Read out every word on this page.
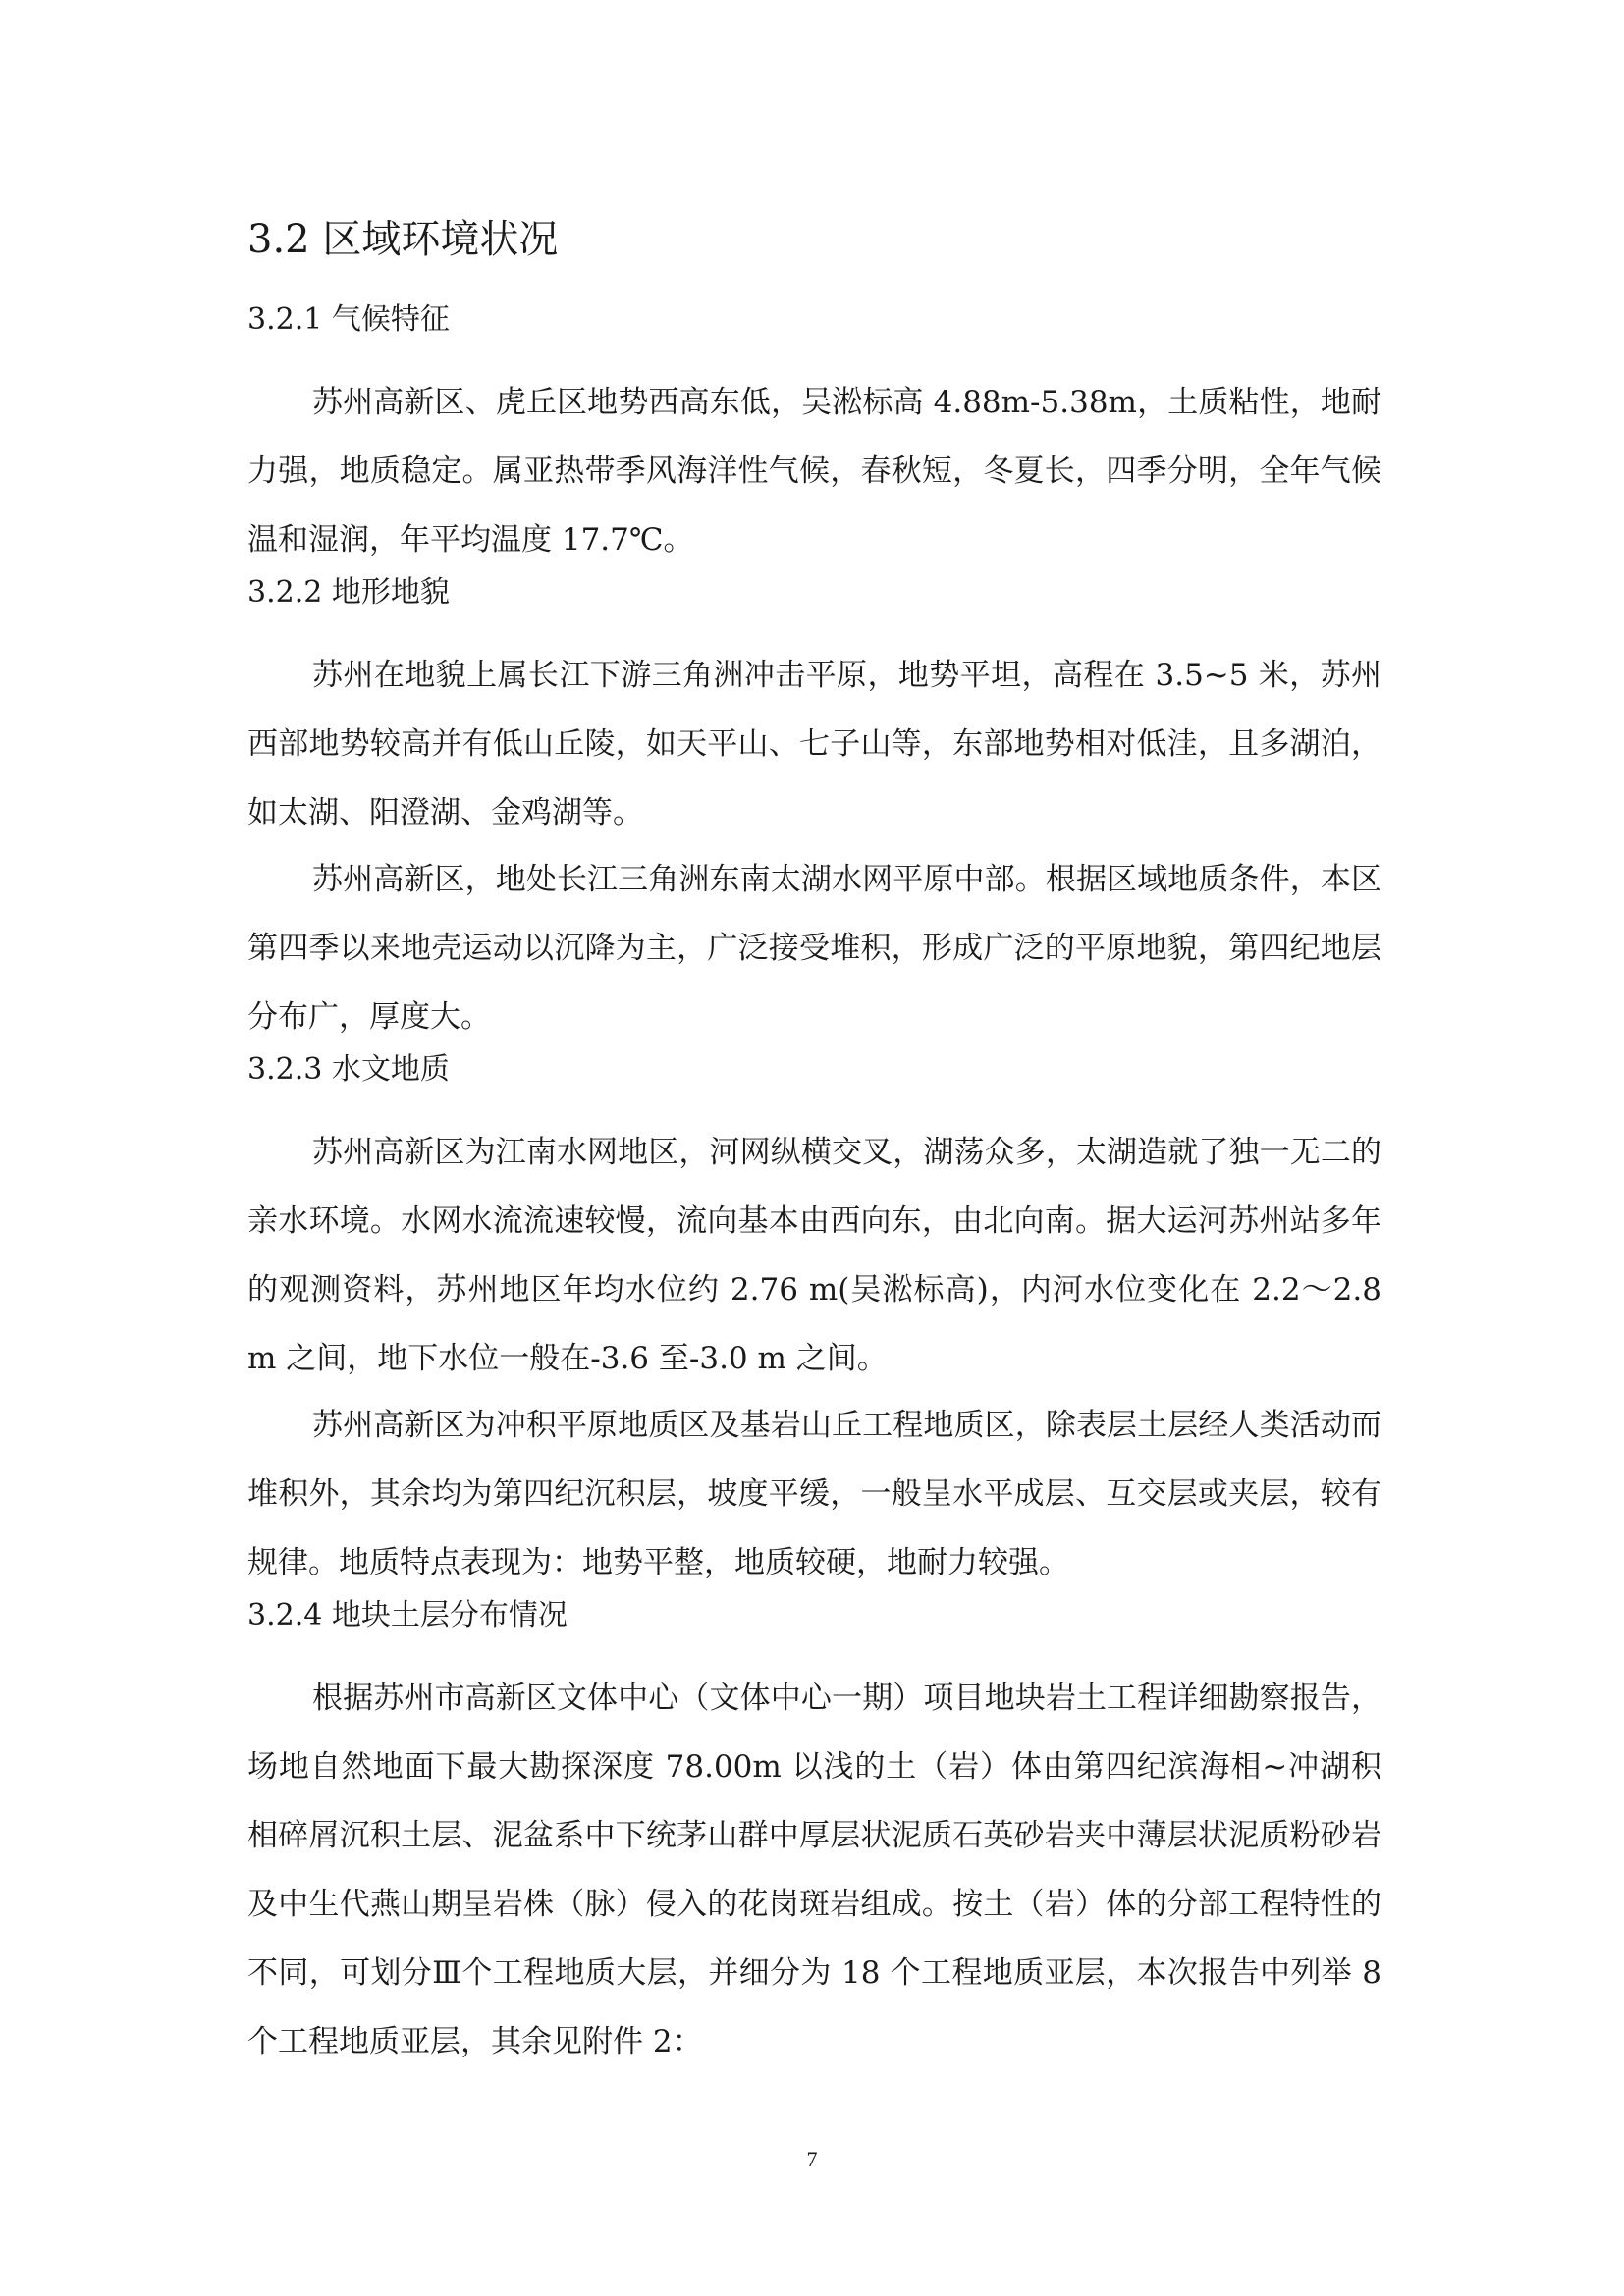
3.2 区域环境状况
3.2.1 气候特征

苏州高新区、虎丘区地势西高东低，吴淞标高 4.88m-5.38m，土质粘性，地耐力强，地质稳定。属亚热带季风海洋性气候，春秋短，冬夏长，四季分明，全年气候温和湿润，年平均温度 17.7℃。

3.2.2 地形地貌

苏州在地貌上属长江下游三角洲冲击平原，地势平坦，高程在 3.5~5 米，苏州西部地势较高并有低山丘陵，如天平山、七子山等，东部地势相对低洼，且多湖泊，如太湖、阳澄湖、金鸡湖等。

苏州高新区，地处长江三角洲东南太湖水网平原中部。根据区域地质条件，本区第四季以来地壳运动以沉降为主，广泛接受堆积，形成广泛的平原地貌，第四纪地层分布广，厚度大。

3.2.3 水文地质

苏州高新区为江南水网地区，河网纵横交叉，湖荡众多，太湖造就了独一无二的亲水环境。水网水流流速较慢，流向基本由西向东，由北向南。据大运河苏州站多年的观测资料，苏州地区年均水位约 2.76 m(吴淞标高)，内河水位变化在 2.2～2.8 m 之间，地下水位一般在-3.6 至-3.0 m 之间。

苏州高新区为冲积平原地质区及基岩山丘工程地质区，除表层土层经人类活动而堆积外，其余均为第四纪沉积层，坡度平缓，一般呈水平成层、互交层或夹层，较有规律。地质特点表现为：地势平整，地质较硬，地耐力较强。

3.2.4 地块土层分布情况

根据苏州市高新区文体中心（文体中心一期）项目地块岩土工程详细勘察报告，场地自然地面下最大勘探深度 78.00m 以浅的土（岩）体由第四纪滨海相~冲湖积相碎屑沉积土层、泥盆系中下统茅山群中厚层状泥质石英砂岩夹中薄层状泥质粉砂岩及中生代燕山期呈岩株（脉）侵入的花岗斑岩组成。按土（岩）体的分部工程特性的不同，可划分Ⅲ个工程地质大层，并细分为 18 个工程地质亚层，本次报告中列举 8 个工程地质亚层，其余见附件 2：

7
